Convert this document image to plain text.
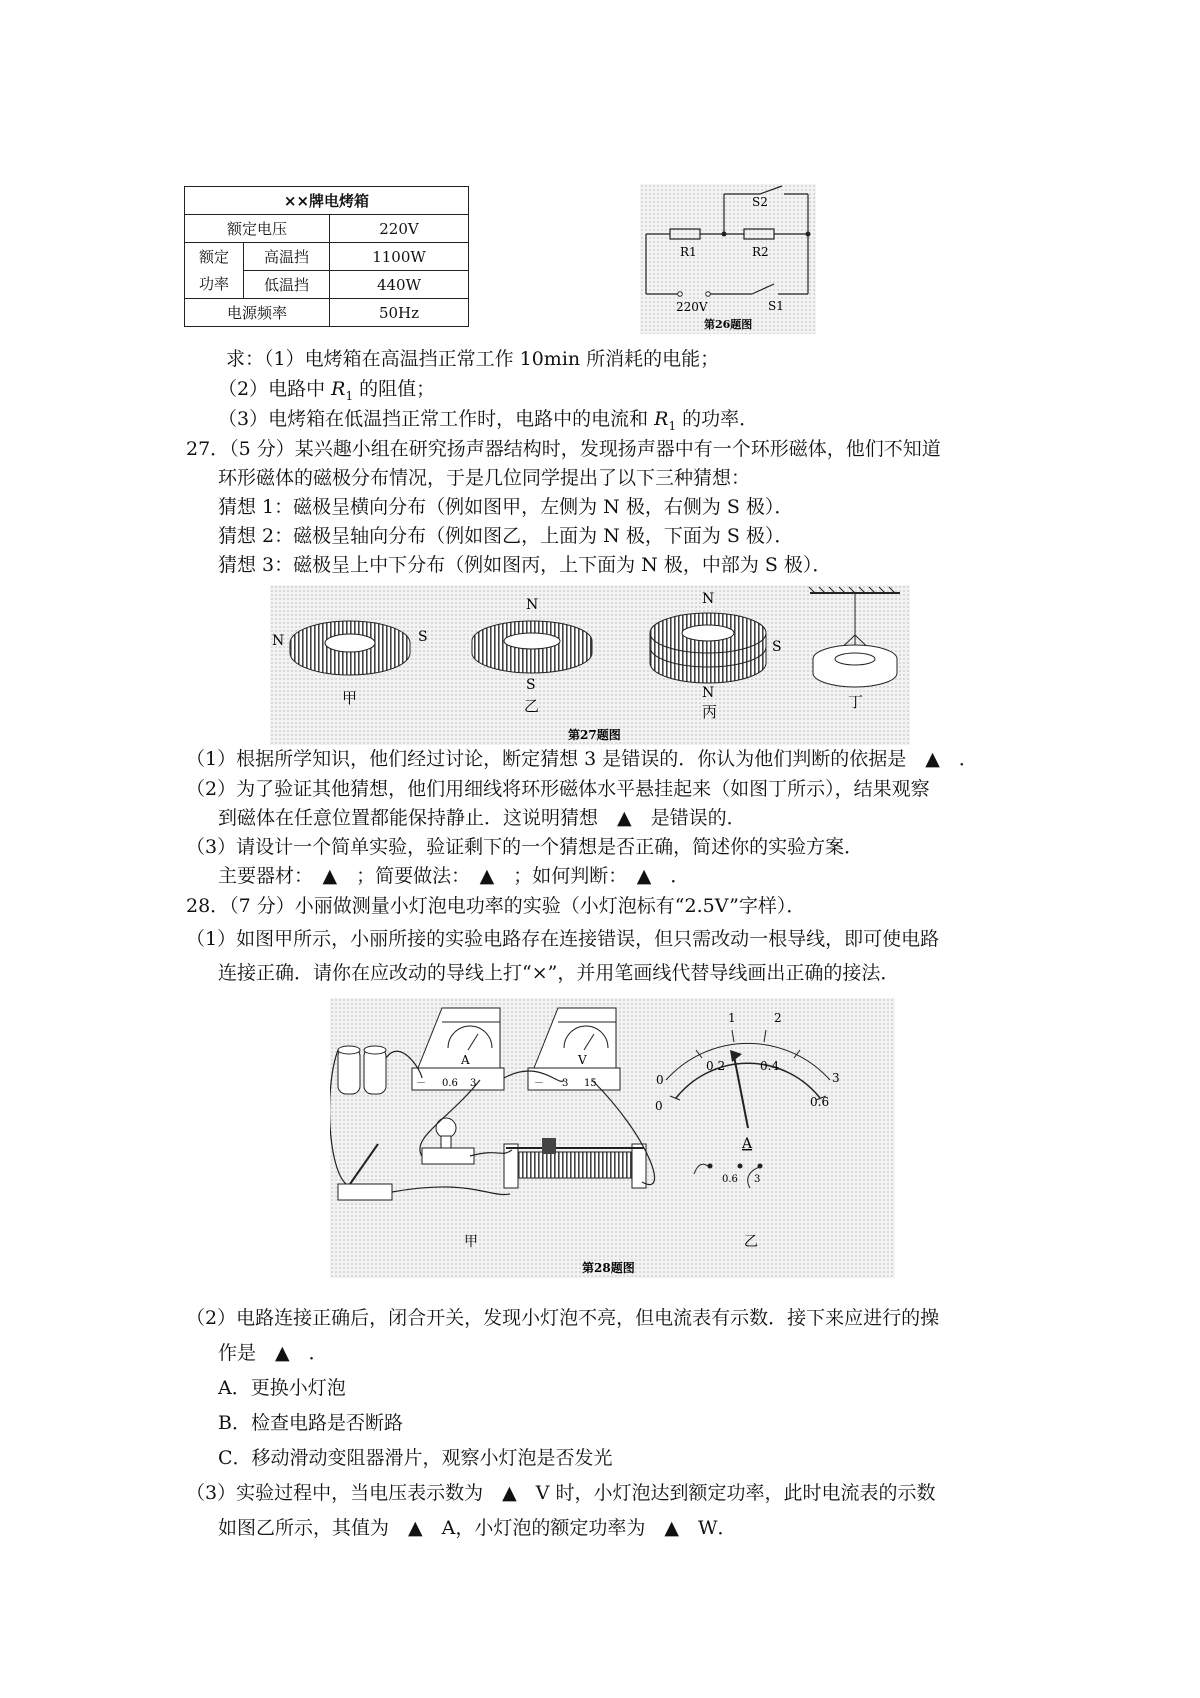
××牌电烤箱		
额定电压		220V
额定
功率	高温挡	1100W
	低温挡	440W
电源频率		50Hz
R1	R2
S2
S1
220V
第26题图
求：（1）电烤箱在高温挡正常工作 10min 所消耗的电能；
（2）电路中 $R_1$ 的阻值；
（3）电烤箱在低温挡正常工作时，电路中的电流和 $R_1$ 的功率．
27．（5 分）某兴趣小组在研究扬声器结构时，发现扬声器中有一个环形磁体，他们不知道
环形磁体的磁极分布情况，于是几位同学提出了以下三种猜想：
猜想 1：磁极呈横向分布（例如图甲，左侧为 N 极，右侧为 S 极）．
猜想 2：磁极呈轴向分布（例如图乙，上面为 N 极，下面为 S 极）．
猜想 3：磁极呈上中下分布（例如图丙，上下面为 N 极，中部为 S 极）．
N	S
甲
N
S
乙
N
S
N
丙
丁
第27题图
（1）根据所学知识，他们经过讨论，断定猜想 3 是错误的．你认为他们判断的依据是　▲　．
（2）为了验证其他猜想，他们用细线将环形磁体水平悬挂起来（如图丁所示），结果观察
到磁体在任意位置都能保持静止．这说明猜想　▲　是错误的．
（3）请设计一个简单实验，验证剩下的一个猜想是否正确，简述你的实验方案．
主要器材：　▲　；简要做法：　▲　；如何判断：　▲　．
28．（7 分）小丽做测量小灯泡电功率的实验（小灯泡标有“2.5V”字样）．
（1）如图甲所示，小丽所接的实验电路存在连接错误，但只需改动一根导线，即可使电路
连接正确．请你在应改动的导线上打“×”，并用笔画线代替导线画出正确的接法．
A
－ 0.6 3
V
－ 3 15
甲
0
0.2	0.4
0.6
0
1	2
3
A
0.6 3
乙
第28题图
（2）电路连接正确后，闭合开关，发现小灯泡不亮，但电流表有示数．接下来应进行的操
作是　▲　．
A．更换小灯泡
B．检查电路是否断路
C．移动滑动变阻器滑片，观察小灯泡是否发光
（3）实验过程中，当电压表示数为　▲　V 时，小灯泡达到额定功率，此时电流表的示数
如图乙所示，其值为　▲　A，小灯泡的额定功率为　▲　W．
